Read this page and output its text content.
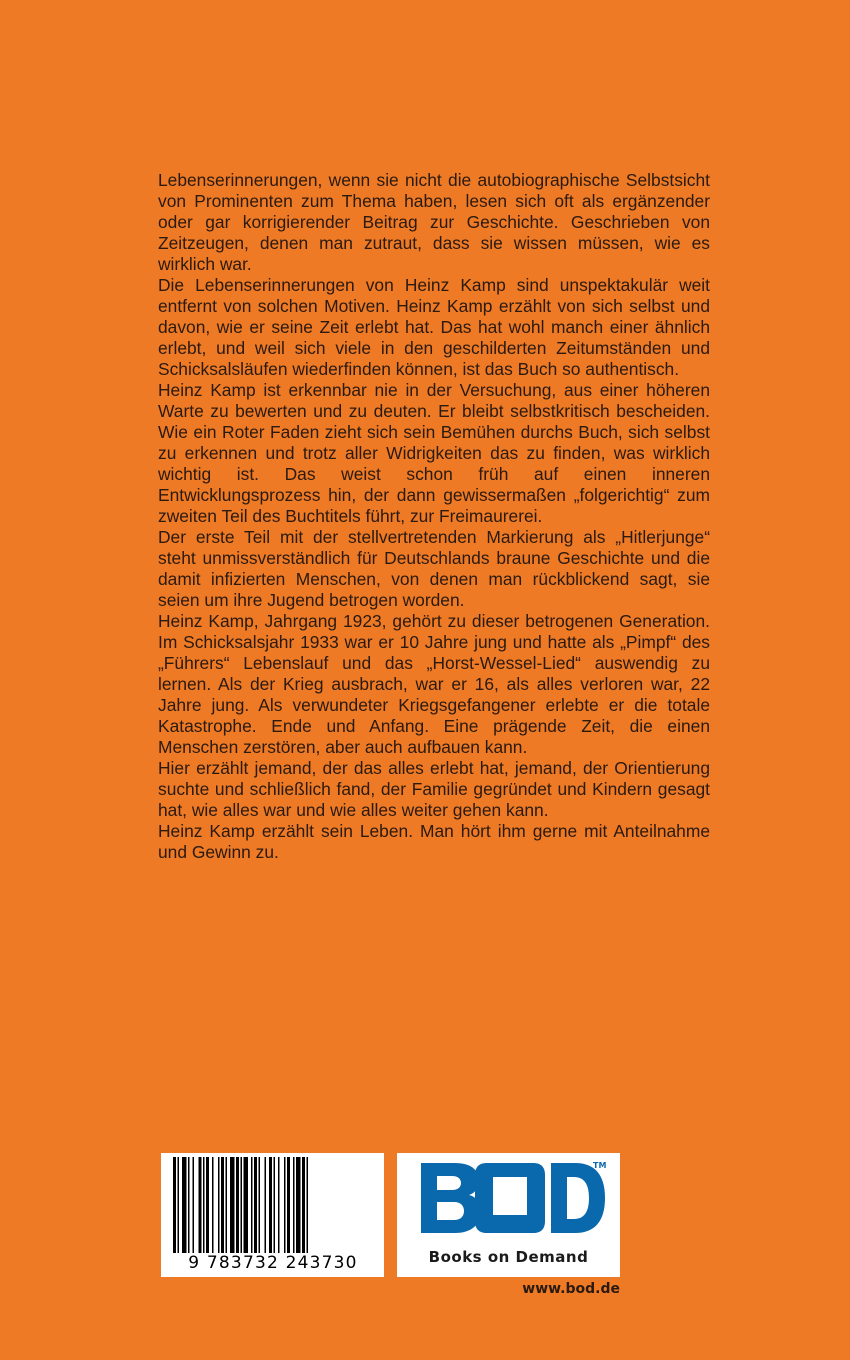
Lebenserinnerungen, wenn sie nicht die autobiographische Selbstsicht von Prominenten zum Thema haben, lesen sich oft als ergänzender oder gar korrigierender Beitrag zur Geschichte. Geschrieben von Zeitzeugen, denen man zutraut, dass sie wissen müssen, wie es wirklich war.

Die Lebenserinnerungen von Heinz Kamp sind unspektakulär weit entfernt von solchen Motiven. Heinz Kamp erzählt von sich selbst und davon, wie er seine Zeit erlebt hat. Das hat wohl manch einer ähnlich erlebt, und weil sich viele in den geschilderten Zeitumständen und Schicksalsläufen wiederfinden können, ist das Buch so authentisch.

Heinz Kamp ist erkennbar nie in der Versuchung, aus einer höheren Warte zu bewerten und zu deuten. Er bleibt selbstkritisch bescheiden. Wie ein Roter Faden zieht sich sein Bemühen durchs Buch, sich selbst zu erkennen und trotz aller Widrigkeiten das zu finden, was wirklich wichtig ist. Das weist schon früh auf einen inneren Entwicklungsprozess hin, der dann gewissermaßen „folgerichtig“ zum zweiten Teil des Buchtitels führt, zur Freimaurerei.

Der erste Teil mit der stellvertretenden Markierung als „Hitlerjunge“ steht unmissverständlich für Deutschlands braune Geschichte und die damit infizierten Menschen, von denen man rückblickend sagt, sie seien um ihre Jugend betrogen worden.

Heinz Kamp, Jahrgang 1923, gehört zu dieser betrogenen Generation. Im Schicksalsjahr 1933 war er 10 Jahre jung und hatte als „Pimpf“ des „Führers“ Lebenslauf und das „Horst-Wessel-Lied“ auswendig zu lernen. Als der Krieg ausbrach, war er 16, als alles verloren war, 22 Jahre jung. Als verwundeter Kriegsgefangener erlebte er die totale Katastrophe. Ende und Anfang. Eine prägende Zeit, die einen Menschen zerstören, aber auch aufbauen kann.

Hier erzählt jemand, der das alles erlebt hat, jemand, der Orientierung suchte und schließlich fand, der Familie gegründet und Kindern gesagt hat, wie alles war und wie alles weiter gehen kann.

Heinz Kamp erzählt sein Leben. Man hört ihm gerne mit Anteilnahme und Gewinn zu.

9 783732 243730
TM
Books on Demand
www.bod.de
